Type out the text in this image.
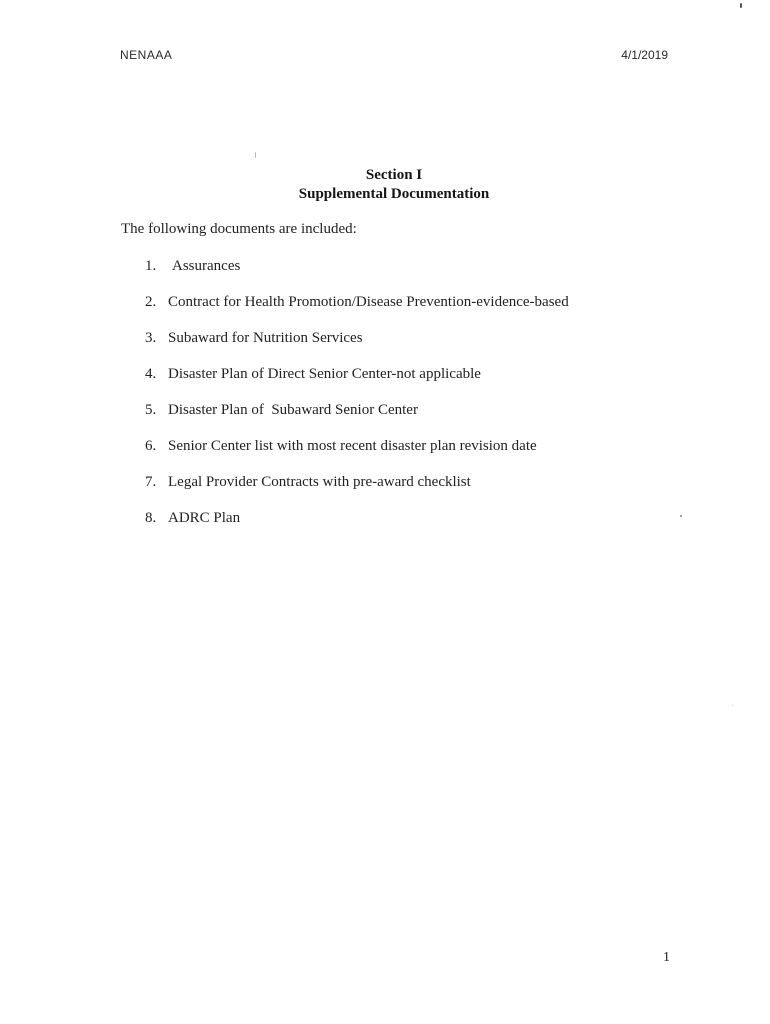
NENAAA	4/1/2019
Section I
Supplemental Documentation
The following documents are included:
1. Assurances
2. Contract for Health Promotion/Disease Prevention-evidence-based
3. Subaward for Nutrition Services
4. Disaster Plan of Direct Senior Center-not applicable
5. Disaster Plan of  Subaward Senior Center
6. Senior Center list with most recent disaster plan revision date
7. Legal Provider Contracts with pre-award checklist
8. ADRC Plan
1
